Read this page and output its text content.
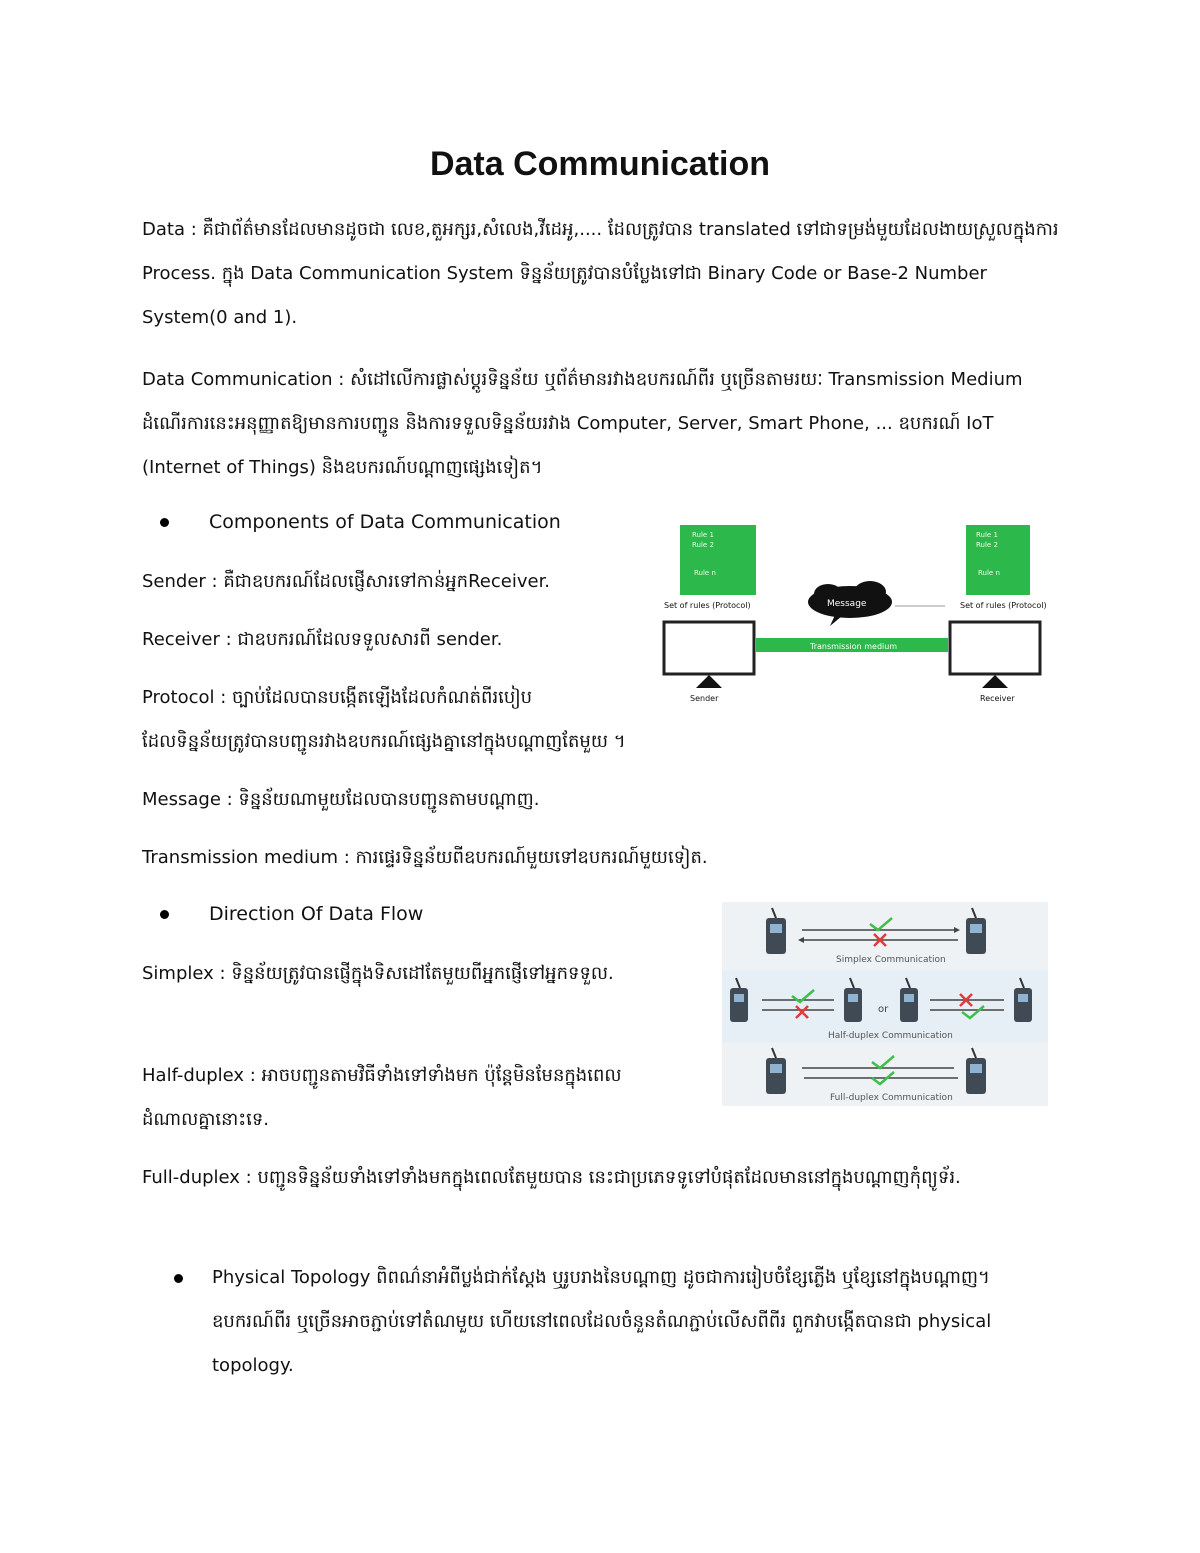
Data Communication

Data : គឺជាព័ត៌មានដែលមានដូចជា លេខ,តួអក្សរ,សំលេង,វីដេអូ,.... ដែលត្រូវបាន translated ទៅជាទម្រង់មួយដែលងាយស្រួលក្នុងការ Process. ក្នុង Data Communication System ទិន្នន័យត្រូវបានបំប្លែងទៅជា Binary Code or Base-2 Number System(0 and 1).

Data Communication : សំដៅលើការផ្លាស់ប្តូរទិន្នន័យ ឬព័ត៌មានរវាងឧបករណ៍ពីរ ឬច្រើនតាមរយៈ Transmission Medium ដំណើរការនេះអនុញ្ញាតឱ្យមានការបញ្ជូន និងការទទួលទិន្នន័យរវាង Computer, Server, Smart Phone, ... ឧបករណ៍ IoT (Internet of Things) និងឧបករណ៍បណ្តាញផ្សេងទៀត។

Components of Data Communication

Sender : គឺជាឧបករណ៍ដែលផ្ញើសារទៅកាន់អ្នកReceiver.

Receiver : ជាឧបករណ៍ដែលទទួលសារពី sender.

Protocol : ច្បាប់ដែលបានបង្កើតឡើងដែលកំណត់ពីរបៀប

ដែលទិន្នន័យត្រូវបានបញ្ជូនរវាងឧបករណ៍ផ្សេងគ្នានៅក្នុងបណ្តាញតែមួយ ។

Message : ទិន្នន័យណាមួយដែលបានបញ្ជូនតាមបណ្តាញ.

Transmission medium : ការផ្ទេរទិន្នន័យពីឧបករណ៍មួយទៅឧបករណ៍មួយទៀត.

Rule 1
Rule 2
Rule n
Set of rules (Protocol)
Rule 1
Rule 2
Rule n
Set of rules (Protocol)
Message
Sender	Receiver
Transmission medium
Direction Of Data Flow

Simplex : ទិន្នន័យត្រូវបានផ្ញើក្នុងទិសដៅតែមួយពីអ្នកផ្ញើទៅអ្នកទទួល.

Half-duplex : អាចបញ្ជូនតាមវិធីទាំងទៅទាំងមក ប៉ុន្តែមិនមែនក្នុងពេលដំណាលគ្នានោះទេ.

Full-duplex : បញ្ជូនទិន្នន័យទាំងទៅទាំងមកក្នុងពេលតែមួយបាន នេះជាប្រភេទទូទៅបំផុតដែលមាននៅក្នុងបណ្តាញកុំព្យូទ័រ.

Simplex Communication
or
Half-duplex Communication
Full-duplex Communication
Physical Topology ពិពណ៌នាអំពីប្លង់ជាក់ស្តែង ឬរូបរាងនៃបណ្តាញ ដូចជាការរៀបចំខ្សែភ្លើង ឬខ្សែនៅក្នុងបណ្តាញ។ ឧបករណ៍ពីរ ឬច្រើនអាចភ្ជាប់ទៅតំណមួយ ហើយនៅពេលដែលចំនួនតំណភ្ជាប់លើសពីពីរ ពួកវាបង្កើតបានជា physical topology.
